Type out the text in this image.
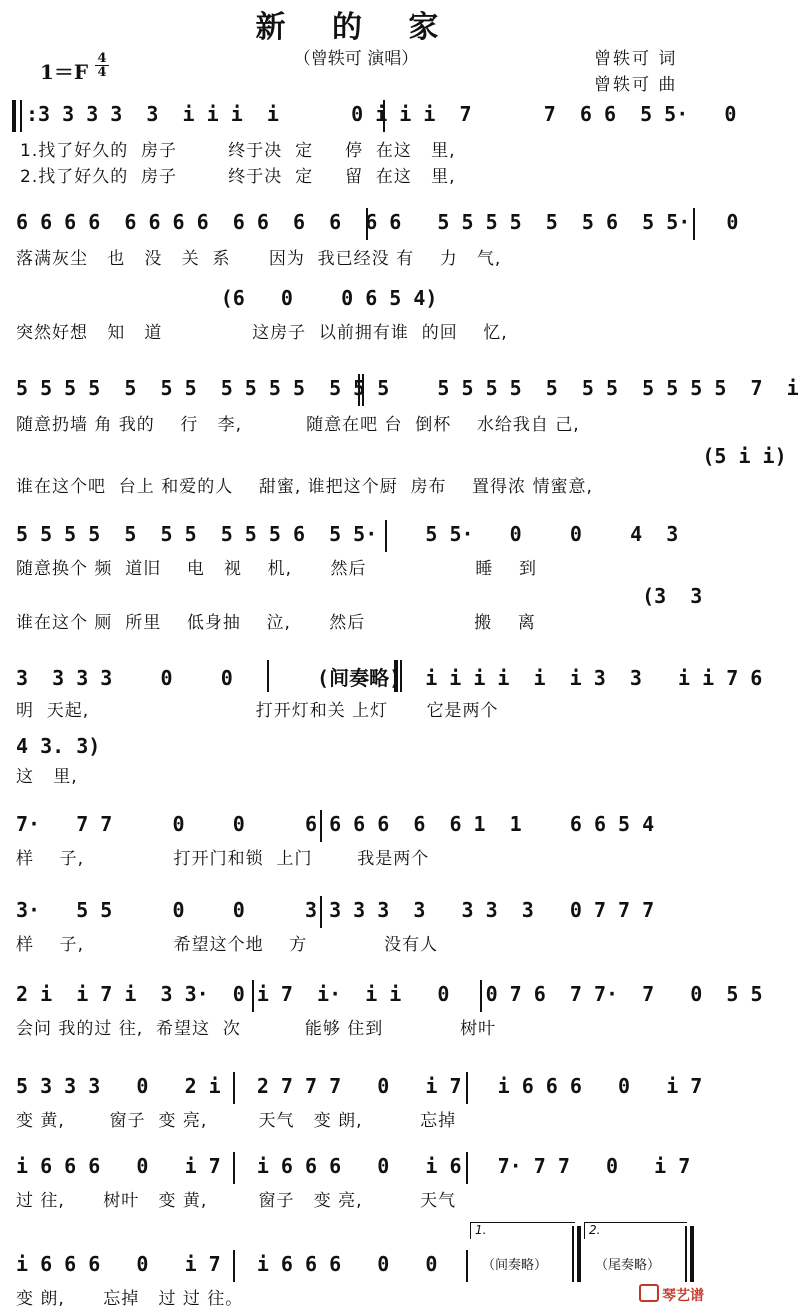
新 的 家
（曾轶可 演唱）
$1=F \frac{4}{4}$	曾轶可 词
曾轶可 曲
:3 3 3 3  3  i i i  i      0 i i i  7      7  6 6  5 5·   0
1.找了好久的  房子        终于决  定     停  在这   里,
2.找了好久的  房子        终于决  定     留  在这   里,
6 6 6 6  6 6 6 6  6 6  6  6  6 6   5 5 5 5  5  5 6  5 5·   0
落满灰尘   也   没   关  系      因为  我已经没 有    力   气,
(6   0    0 6 5 4)
突然好想   知   道              这房子  以前拥有谁  的回    忆,
5 5 5 5  5  5 5  5 5 5 5  5 5 5    5 5 5 5  5  5 5  5 5 5 5  7  i
随意扔墙 角 我的    行   李,          随意在吧 台  倒杯    水给我自 己,
(5 i i)
谁在这个吧  台上 和爱的人    甜蜜, 谁把这个厨  房布    置得浓 情蜜意,
5 5 5 5  5  5 5  5 5 5 6  5 5·    5 5·   0    0    4  3
随意换个 频  道旧    电   视    机,      然后                 睡    到
(3  3
谁在这个 厕  所里    低身抽    泣,      然后                 搬    离
3  3 3 3    0    0       (间奏略)  i i i i  i  i 3  3   i i 7 6
明  天起,                          打开灯和关 上灯      它是两个
4 3. 3)
这   里,
7·   7 7     0    0     6 6 6 6  6  6 1  1    6 6 5 4
样    子,              打开门和锁  上门       我是两个
3·   5 5     0    0     3 3 3 3  3   3 3  3   0 7 7 7
样    子,              希望这个地    方            没有人
2 i  i 7 i  3 3·  0 i 7  i·  i i   0   0 7 6  7 7·  7   0  5 5
会问 我的过 往,  希望这  次          能够 住到            树叶
5 3 3 3   0   2 i   2 7 7 7   0   i 7   i 6 6 6   0   i 7
变 黄,       窗子  变 亮,        天气   变 朗,         忘掉
i 6 6 6   0   i 7   i 6 6 6   0   i 6   7· 7 7   0   i 7
过 往,      树叶   变 黄,        窗子   变 亮,         天气
i 6 6 6   0   i 7   i 6 6 6   0   0
变 朗,      忘掉   过 过 往。
1.	2.
（间奏略）	（尾奏略）
琴艺谱
